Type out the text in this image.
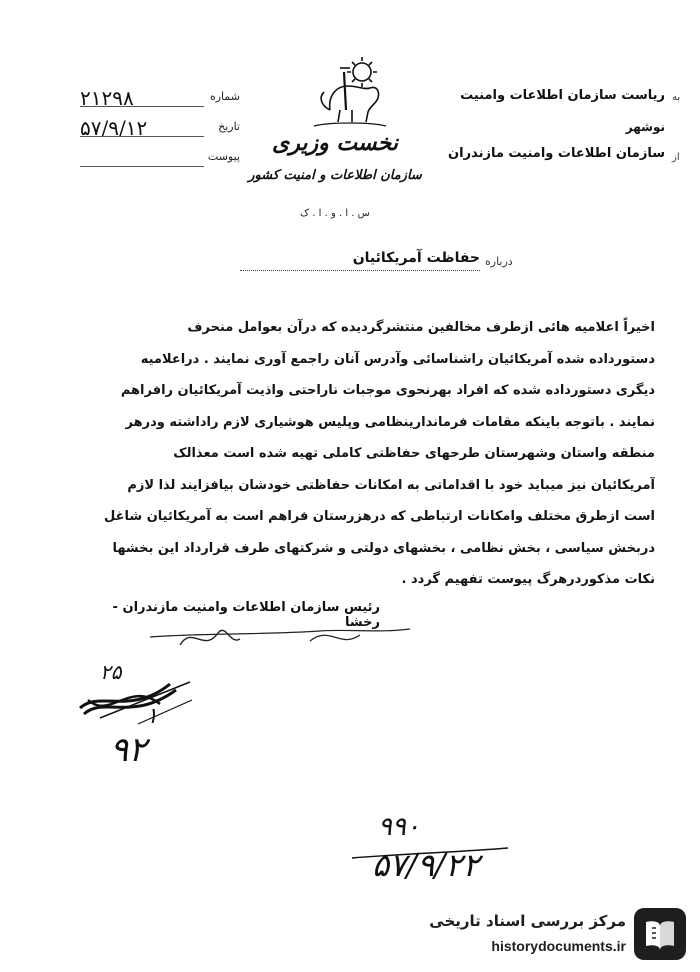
شماره
۲۱۲۹۸
تاریخ
۵۷/۹/۱۲
پیوست
نخست وزیری
سازمان اطلاعات و امنیت کشور
س . ا . و . ا . ک
به
ریاست سازمان اطلاعات وامنیت
نوشهر
از
سازمان اطلاعات وامنیت مازندران
درباره
حفاظت آمریکائیان

اخیراً اعلامیه هائی ازطرف مخالفین منتشرگردیده که درآن بعوامل منحرف

دستورداده شده آمریکائیان راشناسائی وآدرس آنان راجمع آوری نمایند . دراعلامیه

دیگری دستورداده شده که افراد بهرنحوی موجبات ناراحتی واذیت آمریکائیان رافراهم

نمایند . باتوجه باینکه مقامات فرماندارینظامی وپلیس هوشیاری لازم راداشته ودرهر

منطقه واستان وشهرستان طرحهای حفاظتی کاملی تهیه شده است معذالک

آمریکائیان نیز میباید خود با اقداماتی به امکانات حفاظتی خودشان بیافزایند لذا لازم

است ازطرق مختلف وامکانات ارتباطی که درهزرستان فراهم است به آمریکائیان شاغل

دربخش سیاسی ، بخش نظامی ، بخشهای دولتی و شرکتهای طرف قرارداد این بخشها

نکات مذکوردرهرگ پیوست تفهیم گردد .

رئیس سازمان اطلاعات وامنیت مازندران - رخشا
۲۵
۱
۹۲
۹۹۰
۵۷/۹/۲۲
مرکز بررسی اسناد تاریخی
historydocuments.ir
